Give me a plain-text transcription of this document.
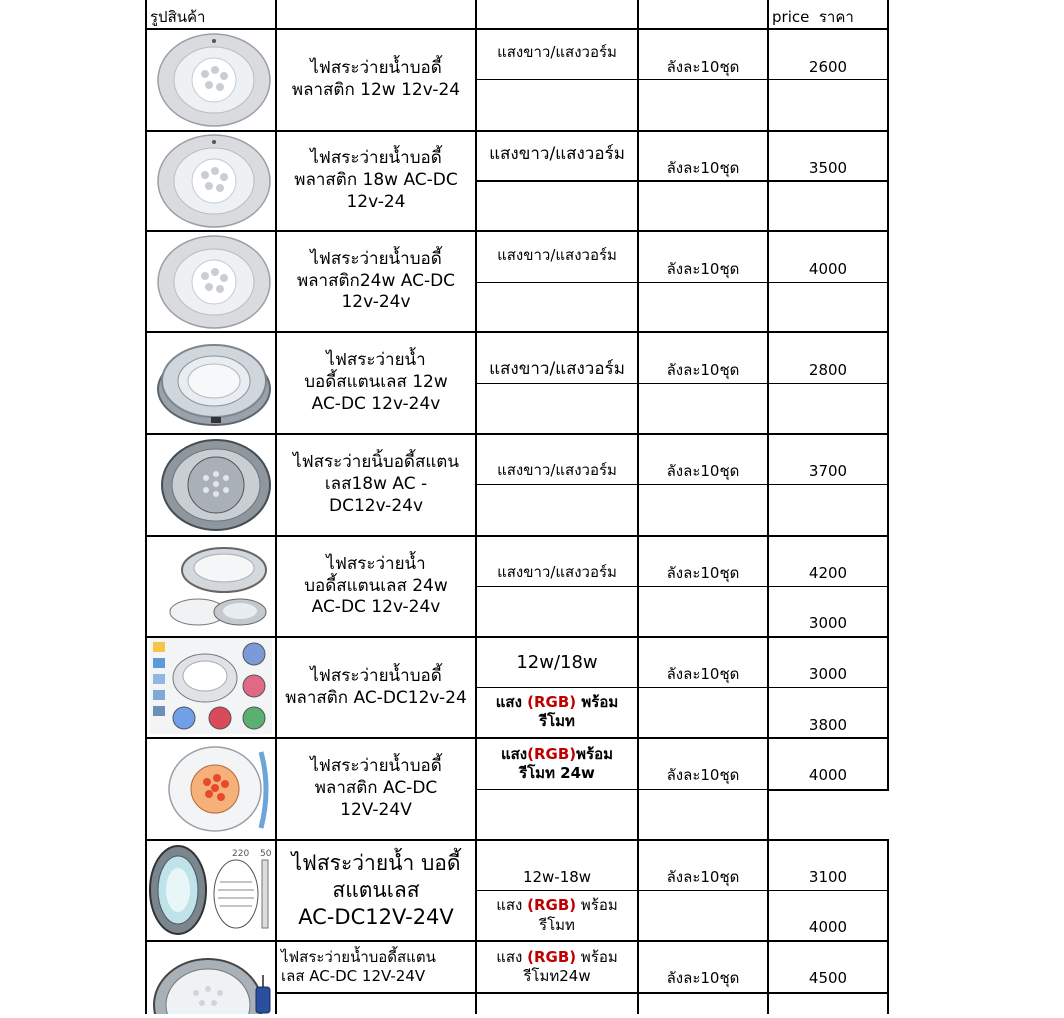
รูปสินค้า	price  ราคา
220 50
ไฟสระว่ายน้ำบอดี้
พลาสติก 12w 12v-24
ไฟสระว่ายน้ำบอดี้
พลาสติก 18w AC-DC
12v-24
ไฟสระว่ายน้ำบอดี้
พลาสติก24w AC-DC
12v-24v
ไฟสระว่ายน้ำ
บอดี้สแตนเลส 12w
AC-DC 12v-24v
ไฟสระว่ายนิ้บอดี้สแตน
เลส18w AC -
DC12v-24v
ไฟสระว่ายน้ำ
บอดี้สแตนเลส 24w
AC-DC 12v-24v
ไฟสระว่ายน้ำบอดี้
พลาสติก AC-DC12v-24
ไฟสระว่ายน้ำบอดี้
พลาสติก AC-DC
12V-24V
ไฟสระว่ายน้ำ บอดี้
สแตนเลส
AC-DC12V-24V
ไฟสระว่ายน้ำบอดี้สแตน
เลส AC-DC 12V-24V
แสงขาว/แสงวอร์ม
แสงขาว/แสงวอร์ม
แสงขาว/แสงวอร์ม
แสงขาว/แสงวอร์ม
แสงขาว/แสงวอร์ม
แสงขาว/แสงวอร์ม
12w/18w
แสง (RGB) พร้อม
รีโมท
แสง(RGB)พร้อม
รีโมท 24w
12w-18w
แสง (RGB) พร้อม
รีโมท
แสง (RGB) พร้อม
รีโมท24w
ลังละ10ชุด
ลังละ10ชุด
ลังละ10ชุด
ลังละ10ชุด
ลังละ10ชุด
ลังละ10ชุด
ลังละ10ชุด
ลังละ10ชุด
ลังละ10ชุด
ลังละ10ชุด
2600
3500
4000
2800
3700
4200
3000
3000
3800
4000
3100
4000
4500
